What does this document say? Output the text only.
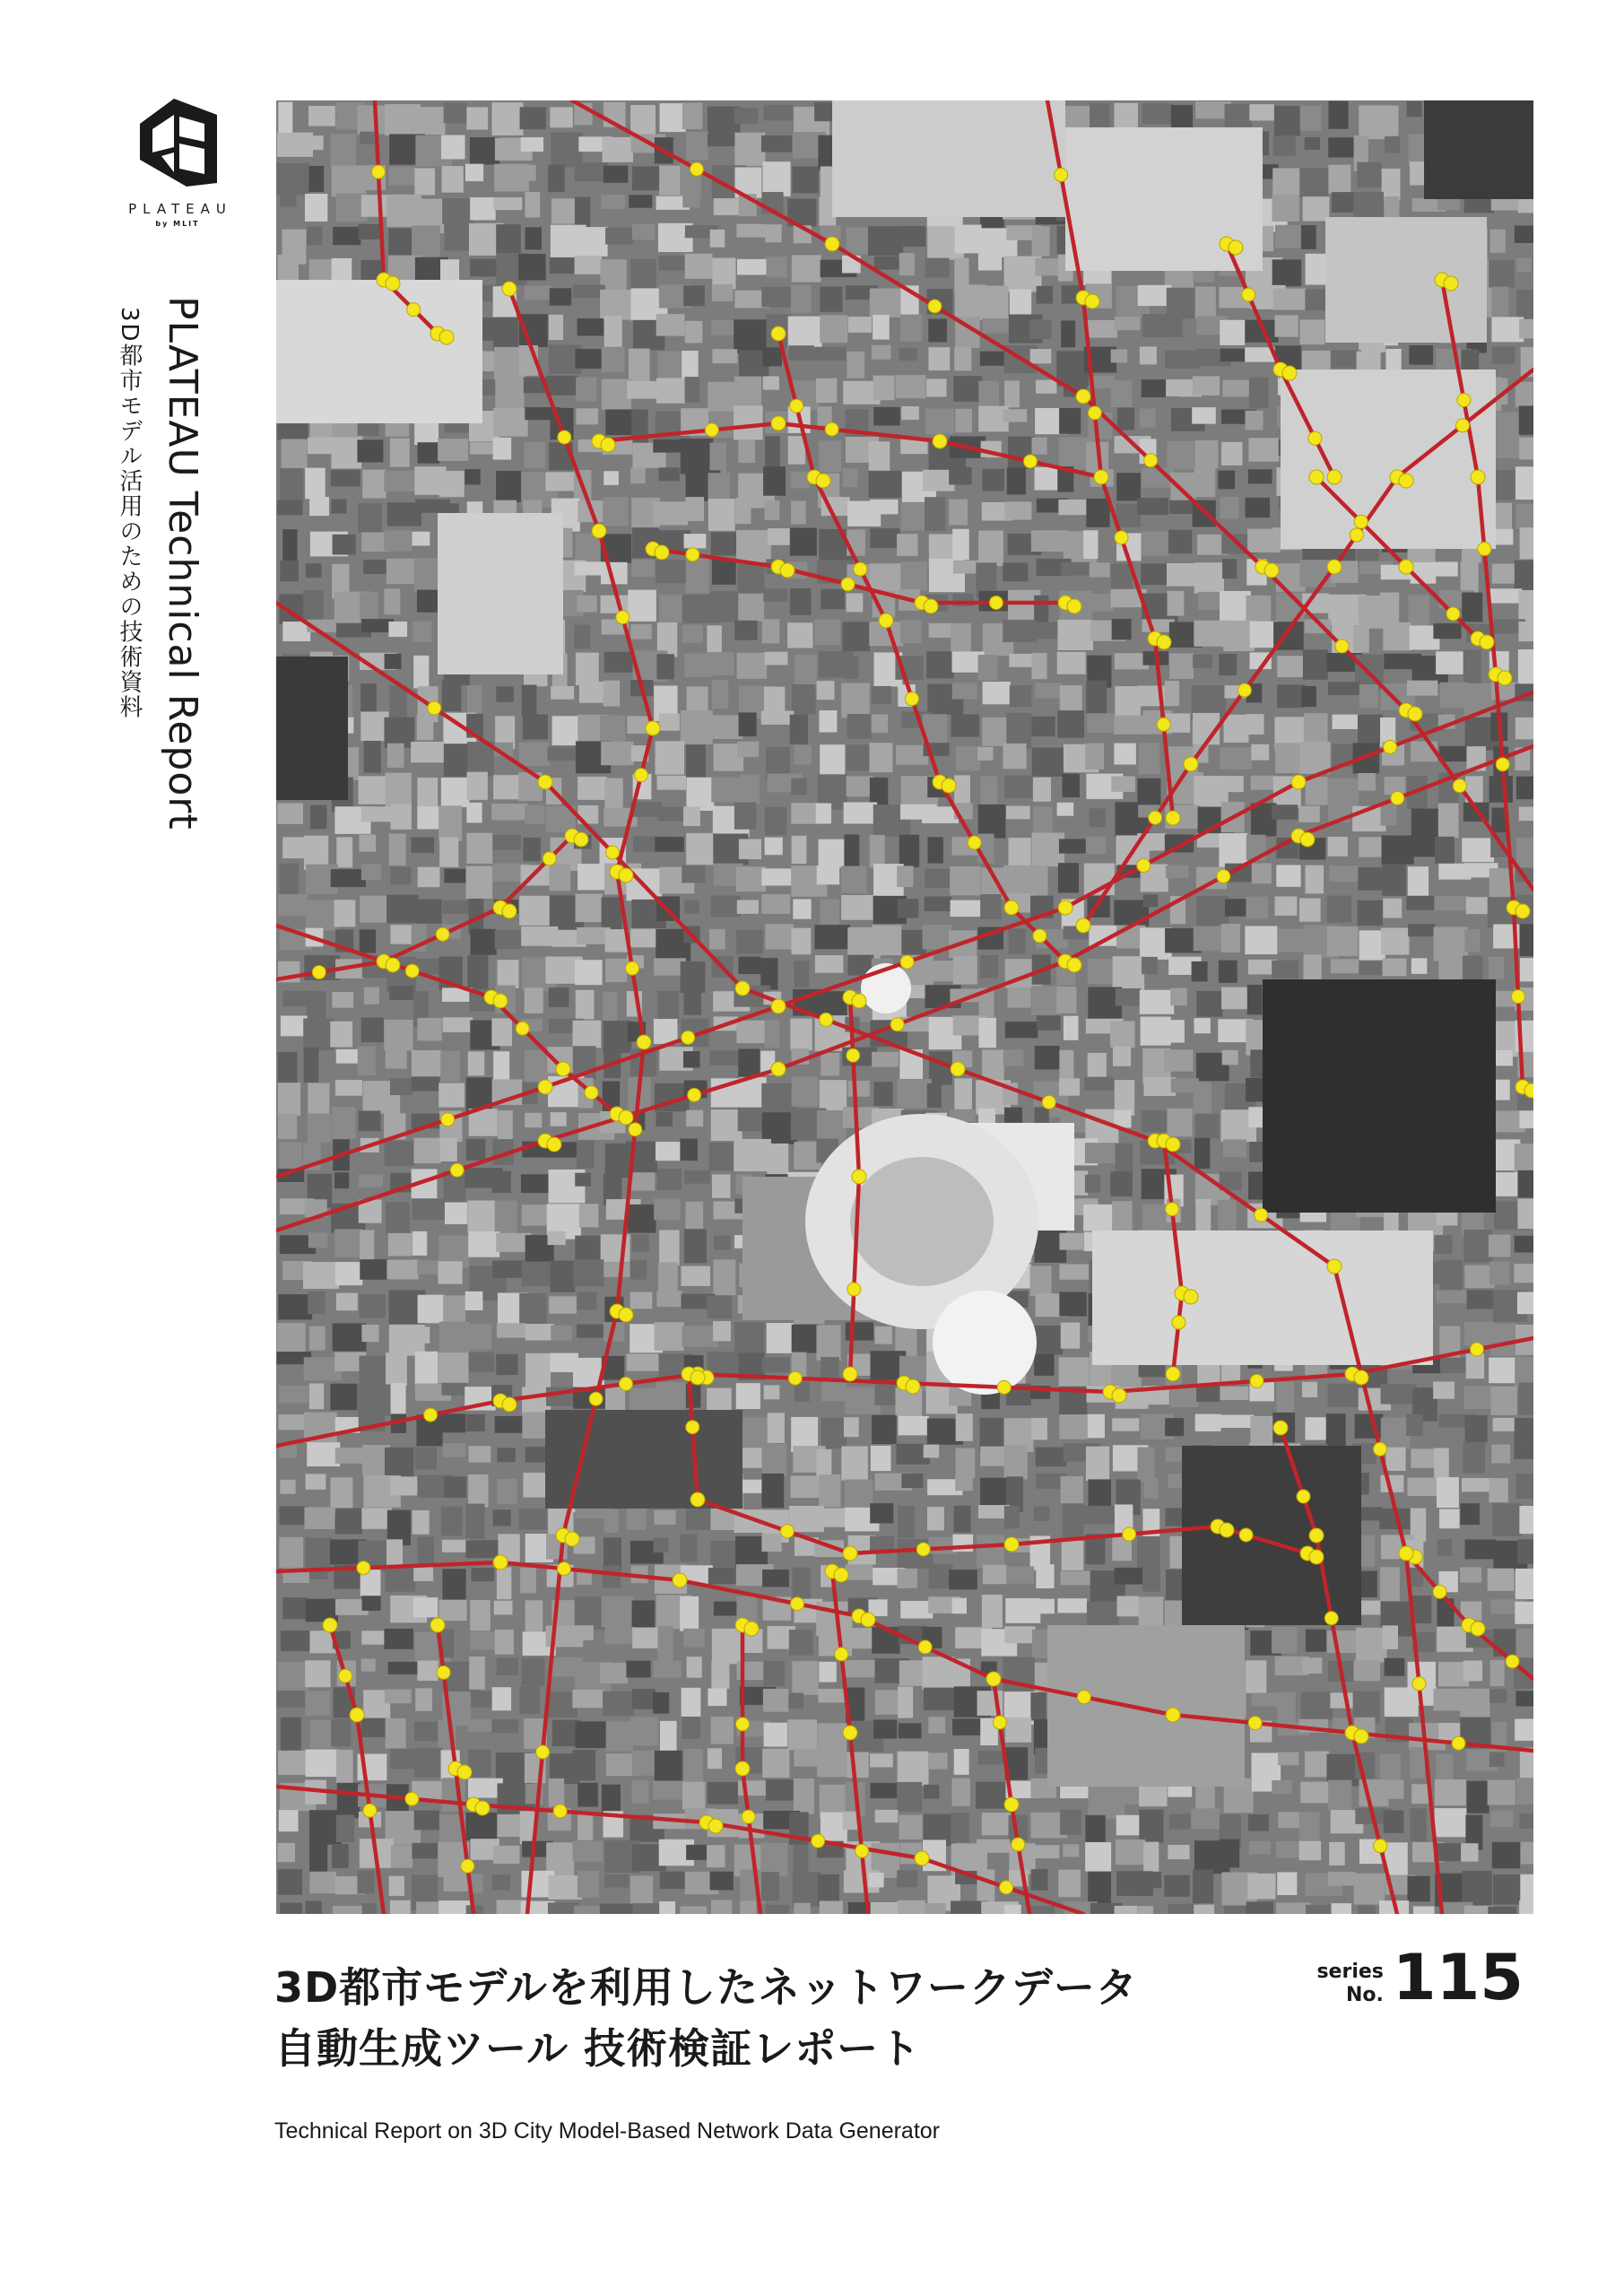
PLATEAU
by MLIT
PLATEAU Technical Report
3D都市モデル活用のための技術資料
3D都市モデルを利用したネットワークデータ
自動生成ツール 技術検証レポート
Technical Report on 3D City Model-Based Network Data Generator
series
No. 115
